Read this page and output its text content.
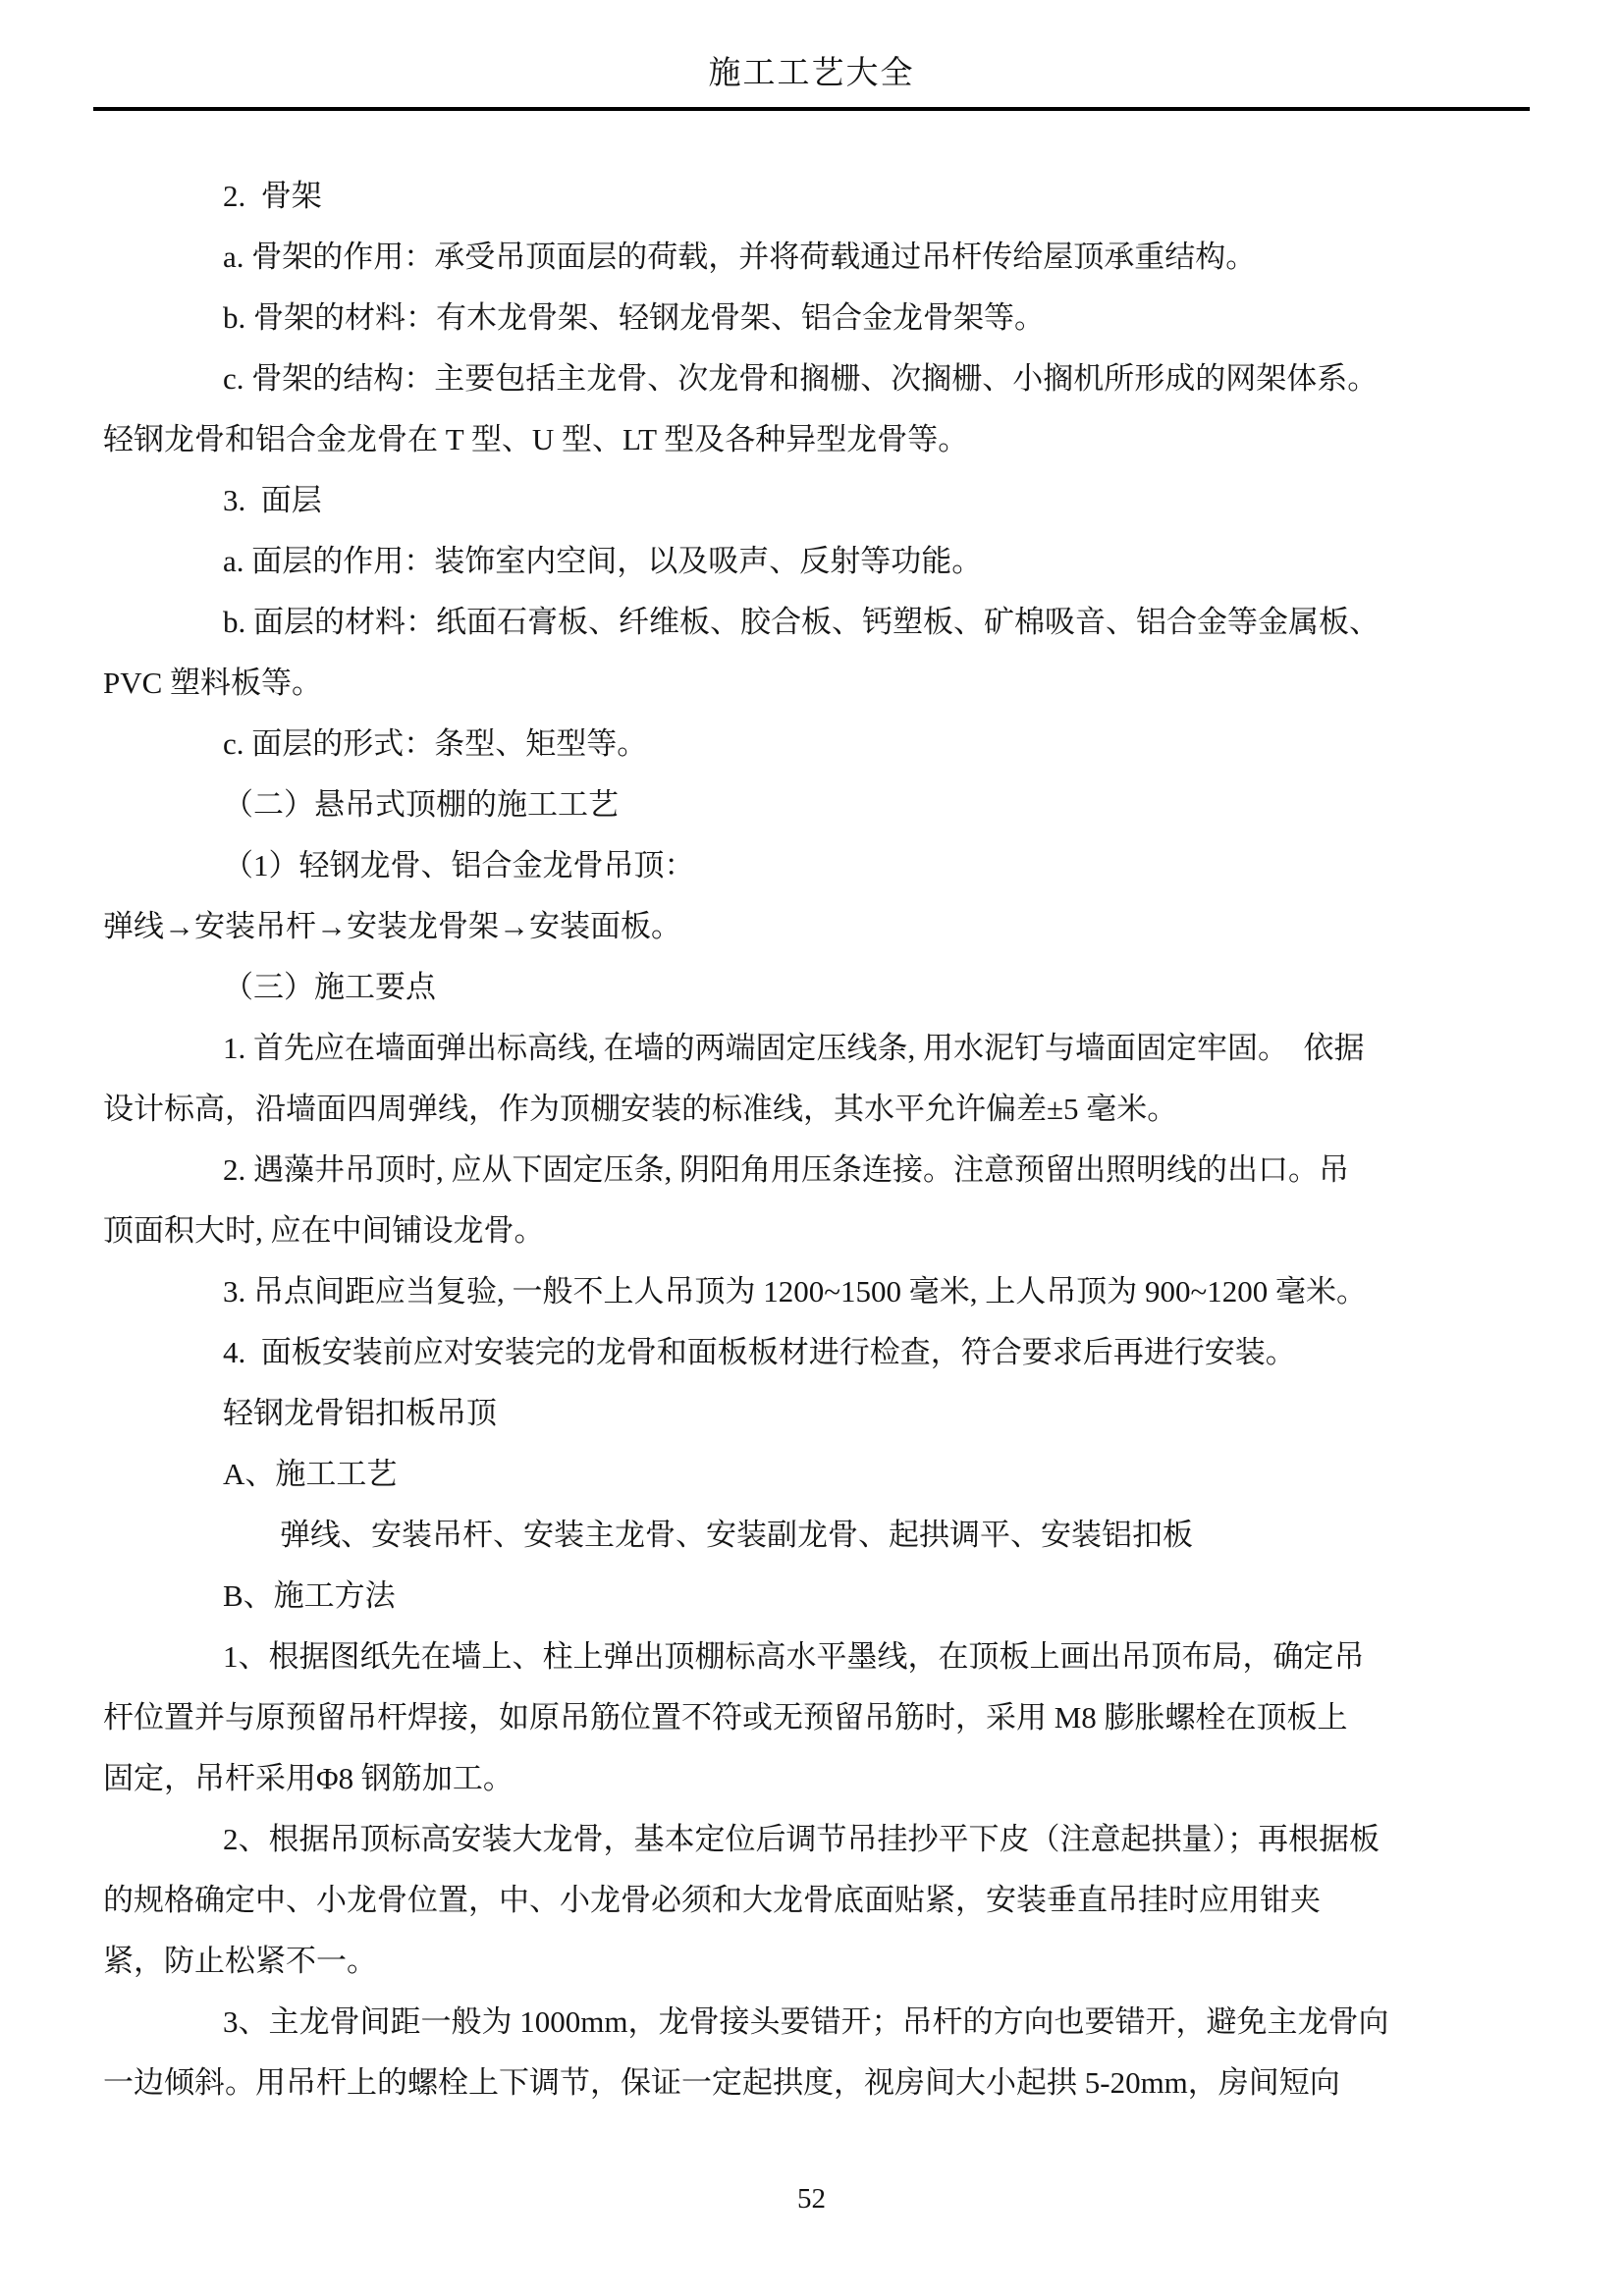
施工工艺大全
2.  骨架
a. 骨架的作用：承受吊顶面层的荷载，并将荷载通过吊杆传给屋顶承重结构。
b. 骨架的材料：有木龙骨架、轻钢龙骨架、铝合金龙骨架等。
c. 骨架的结构：主要包括主龙骨、次龙骨和搁栅、次搁栅、小搁机所形成的网架体系。
轻钢龙骨和铝合金龙骨在 T 型、U 型、LT 型及各种异型龙骨等。
3.  面层
a. 面层的作用：装饰室内空间，以及吸声、反射等功能。
b. 面层的材料：纸面石膏板、纤维板、胶合板、钙塑板、矿棉吸音、铝合金等金属板、
PVC 塑料板等。
c. 面层的形式：条型、矩型等。
（二）悬吊式顶棚的施工工艺
（1）轻钢龙骨、铝合金龙骨吊顶：
弹线→安装吊杆→安装龙骨架→安装面板。
（三）施工要点
1. 首先应在墙面弹出标高线, 在墙的两端固定压线条, 用水泥钉与墙面固定牢固。  依据
设计标高，沿墙面四周弹线，作为顶棚安装的标准线，其水平允许偏差±5 毫米。
2. 遇藻井吊顶时, 应从下固定压条, 阴阳角用压条连接。注意预留出照明线的出口。吊
顶面积大时, 应在中间铺设龙骨。
3. 吊点间距应当复验, 一般不上人吊顶为 1200~1500 毫米, 上人吊顶为 900~1200 毫米。
4.  面板安装前应对安装完的龙骨和面板板材进行检查，符合要求后再进行安装。
轻钢龙骨铝扣板吊顶
A、施工工艺
弹线、安装吊杆、安装主龙骨、安装副龙骨、起拱调平、安装铝扣板
B、施工方法
1、根据图纸先在墙上、柱上弹出顶棚标高水平墨线，在顶板上画出吊顶布局，确定吊
杆位置并与原预留吊杆焊接，如原吊筋位置不符或无预留吊筋时，采用 M8 膨胀螺栓在顶板上
固定，吊杆采用Φ8 钢筋加工。
2、根据吊顶标高安装大龙骨，基本定位后调节吊挂抄平下皮（注意起拱量）；再根据板
的规格确定中、小龙骨位置，中、小龙骨必须和大龙骨底面贴紧，安装垂直吊挂时应用钳夹
紧，防止松紧不一。
3、主龙骨间距一般为 1000mm，龙骨接头要错开；吊杆的方向也要错开，避免主龙骨向
一边倾斜。用吊杆上的螺栓上下调节，保证一定起拱度，视房间大小起拱 5-20mm，房间短向
52
